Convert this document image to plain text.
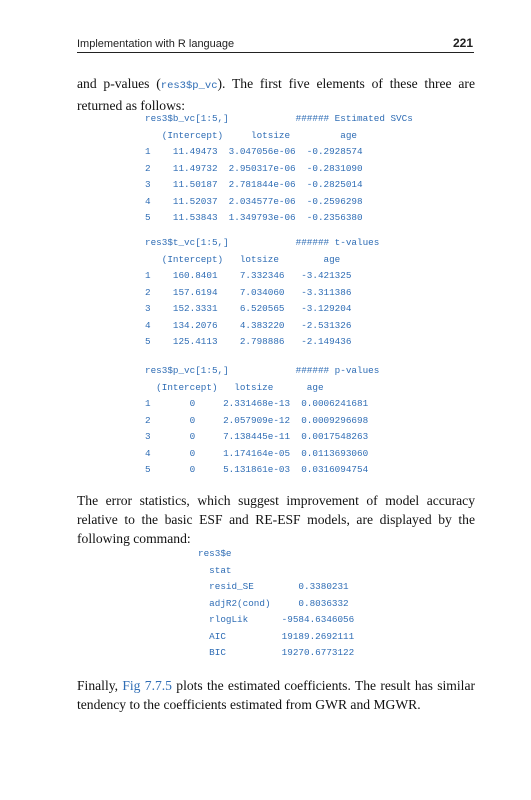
Implementation with R language	221
and p-values (res3$p_vc). The first five elements of these three are returned as follows:
res3$b_vc[1:5,]            ###### Estimated SVCs
(Intercept)     lotsize         age
1    11.49473  3.047056e-06  -0.2928574
2    11.49732  2.950317e-06  -0.2831090
3    11.50187  2.781844e-06  -0.2825014
4    11.52037  2.034577e-06  -0.2596298
5    11.53843  1.349793e-06  -0.2356380
res3$t_vc[1:5,]            ###### t-values
(Intercept)   lotsize        age
1    160.8401    7.332346   -3.421325
2    157.6194    7.034060   -3.311386
3    152.3331    6.520565   -3.129204
4    134.2076    4.383220   -2.531326
5    125.4113    2.798886   -2.149436
res3$p_vc[1:5,]            ###### p-values
(Intercept)   lotsize      age
1       0     2.331468e-13  0.0006241681
2       0     2.057909e-12  0.0009296698
3       0     7.138445e-11  0.0017548263
4       0     1.174164e-05  0.0113693060
5       0     5.131861e-03  0.0316094754
The error statistics, which suggest improvement of model accuracy relative to the basic ESF and RE-ESF models, are displayed by the following command:
res3$e
stat
resid_SE        0.3380231
adjR2(cond)     0.8036332
rlogLik      -9584.6346056
AIC          19189.2692111
BIC          19270.6773122
Finally, Fig 7.7.5 plots the estimated coefficients. The result has similar tendency to the coefficients estimated from GWR and MGWR.
